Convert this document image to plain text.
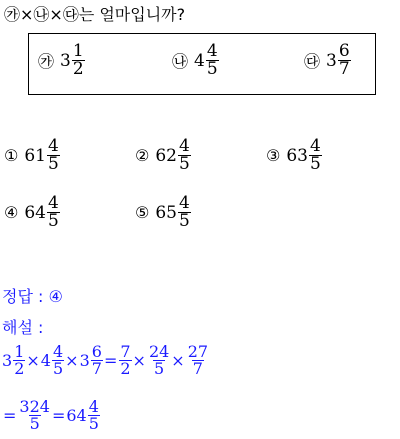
㉮×㉯×㉰는 얼마입니까?
㉮ $3 \frac{1}{2}$	㉯ $4 \frac{4}{5}$	㉰ $3 \frac{6}{7}$
① $61 \frac{4}{5}$	② $62 \frac{4}{5}$	③ $63 \frac{4}{5}$
④ $64 \frac{4}{5}$	⑤ $65 \frac{4}{5}$
정답 : ④
해설 :
$3 \frac{1}{2} \times 4 \frac{4}{5} \times 3 \frac{6}{7} = \frac{7}{2} \times \frac{24}{5} \times \frac{27}{7}$
= $\frac{324}{5} = 64 \frac{4}{5}$
